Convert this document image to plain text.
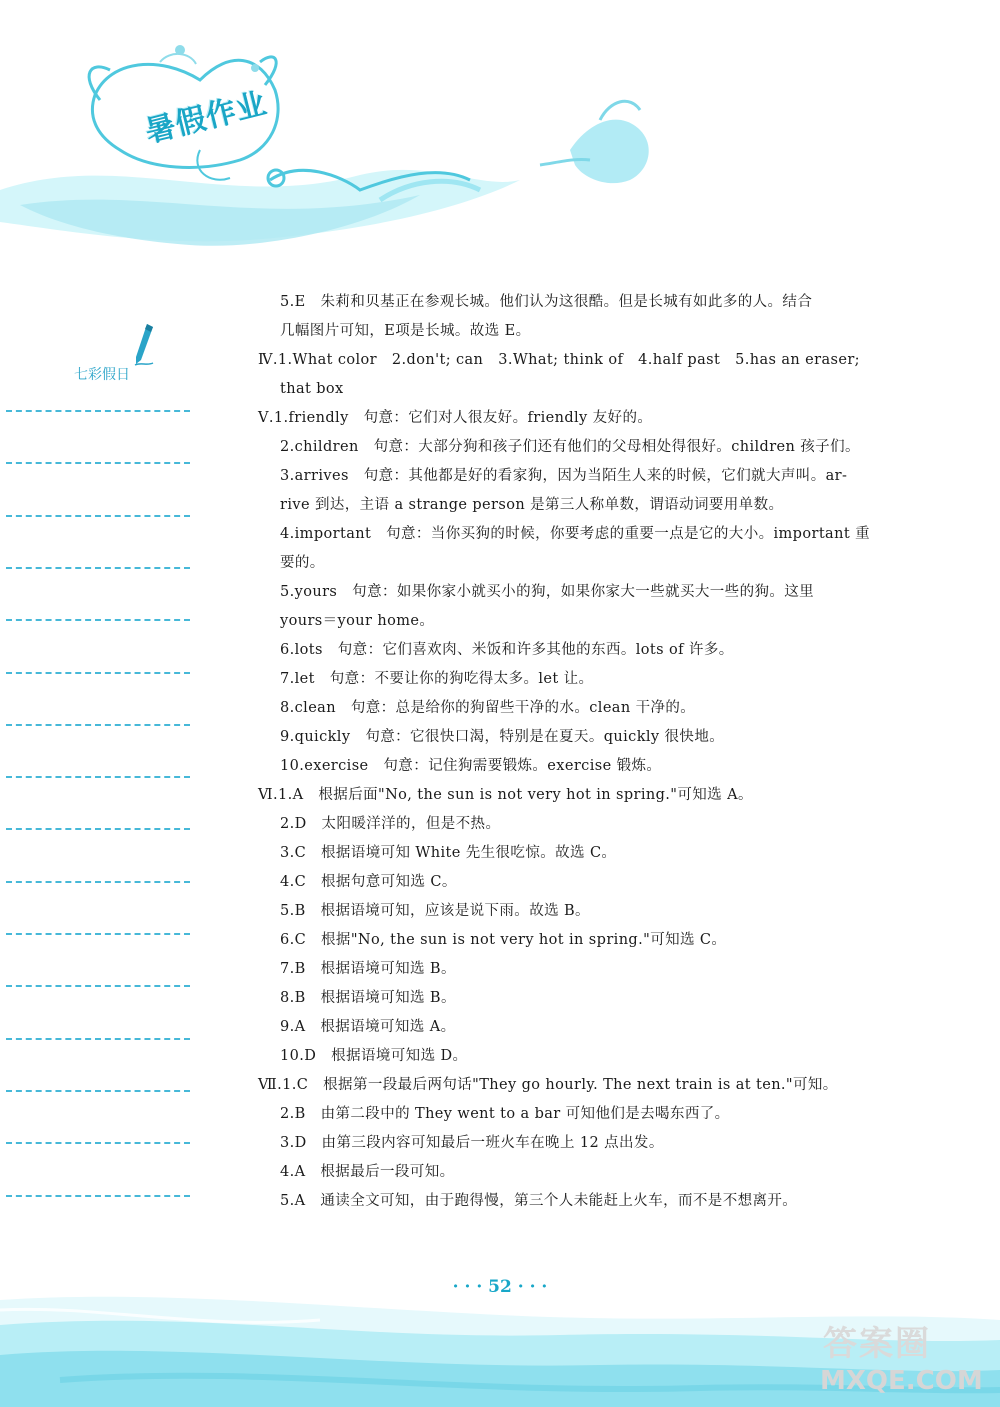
暑假作业
七彩假日
5.E　朱莉和贝基正在参观长城。他们认为这很酷。但是长城有如此多的人。结合
几幅图片可知，E项是长城。故选 E。
Ⅳ.1.What color　2.don't; can　3.What; think of　4.half past　5.has an eraser;
that box
Ⅴ.1.friendly　句意：它们对人很友好。friendly 友好的。
2.children　句意：大部分狗和孩子们还有他们的父母相处得很好。children 孩子们。
3.arrives　句意：其他都是好的看家狗，因为当陌生人来的时候，它们就大声叫。ar-
rive 到达，主语 a strange person 是第三人称单数，谓语动词要用单数。
4.important　句意：当你买狗的时候，你要考虑的重要一点是它的大小。important 重
要的。
5.yours　句意：如果你家小就买小的狗，如果你家大一些就买大一些的狗。这里
yours＝your home。
6.lots　句意：它们喜欢肉、米饭和许多其他的东西。lots of 许多。
7.let　句意：不要让你的狗吃得太多。let 让。
8.clean　句意：总是给你的狗留些干净的水。clean 干净的。
9.quickly　句意：它很快口渴，特别是在夏天。quickly 很快地。
10.exercise　句意：记住狗需要锻炼。exercise 锻炼。
Ⅵ.1.A　根据后面"No, the sun is not very hot in spring."可知选 A。
2.D　太阳暖洋洋的，但是不热。
3.C　根据语境可知 White 先生很吃惊。故选 C。
4.C　根据句意可知选 C。
5.B　根据语境可知，应该是说下雨。故选 B。
6.C　根据"No, the sun is not very hot in spring."可知选 C。
7.B　根据语境可知选 B。
8.B　根据语境可知选 B。
9.A　根据语境可知选 A。
10.D　根据语境可知选 D。
Ⅶ.1.C　根据第一段最后两句话"They go hourly. The next train is at ten."可知。
2.B　由第二段中的 They went to a bar 可知他们是去喝东西了。
3.D　由第三段内容可知最后一班火车在晚上 12 点出发。
4.A　根据最后一段可知。
5.A　通读全文可知，由于跑得慢，第三个人未能赶上火车，而不是不想离开。
· · · 52 · · ·
答案圈
MXQE.COM
